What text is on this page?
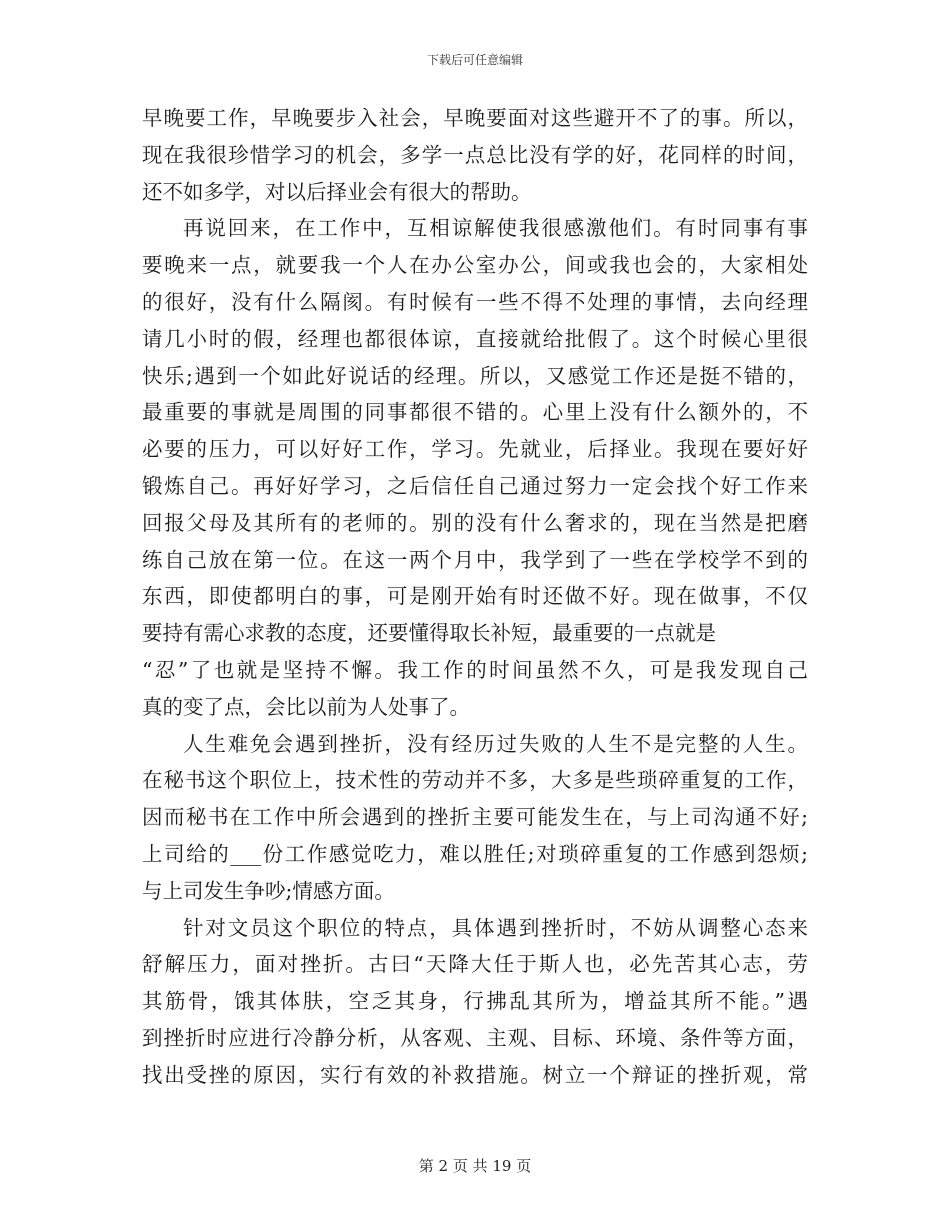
下载后可任意编辑
早晚要工作，早晚要步入社会，早晚要面对这些避开不了的事。所以，
现在我很珍惜学习的机会，多学一点总比没有学的好，花同样的时间，
还不如多学，对以后择业会有很大的帮助。
再说回来，在工作中，互相谅解使我很感激他们。有时同事有事
要晚来一点，就要我一个人在办公室办公，间或我也会的，大家相处
的很好，没有什么隔阂。有时候有一些不得不处理的事情，去向经理
请几小时的假，经理也都很体谅，直接就给批假了。这个时候心里很
快乐;遇到一个如此好说话的经理。所以，又感觉工作还是挺不错的，
最重要的事就是周围的同事都很不错的。心里上没有什么额外的，不
必要的压力，可以好好工作，学习。先就业，后择业。我现在要好好
锻炼自己。再好好学习，之后信任自己通过努力一定会找个好工作来
回报父母及其所有的老师的。别的没有什么奢求的，现在当然是把磨
练自己放在第一位。在这一两个月中，我学到了一些在学校学不到的
东西，即使都明白的事，可是刚开始有时还做不好。现在做事，不仅
要持有需心求教的态度，还要懂得取长补短，最重要的一点就是
“忍”了也就是坚持不懈。我工作的时间虽然不久，可是我发现自己
真的变了点，会比以前为人处事了。
人生难免会遇到挫折，没有经历过失败的人生不是完整的人生。
在秘书这个职位上，技术性的劳动并不多，大多是些琐碎重复的工作，
因而秘书在工作中所会遇到的挫折主要可能发生在，与上司沟通不好;
上司给的___份工作感觉吃力，难以胜任;对琐碎重复的工作感到怨烦;
与上司发生争吵;情感方面。
针对文员这个职位的特点，具体遇到挫折时，不妨从调整心态来
舒解压力，面对挫折。古曰“天降大任于斯人也，必先苦其心志，劳
其筋骨，饿其体肤，空乏其身，行拂乱其所为，增益其所不能。”遇
到挫折时应进行冷静分析，从客观、主观、目标、环境、条件等方面，
找出受挫的原因，实行有效的补救措施。树立一个辩证的挫折观，常
第 2 页 共 19 页
